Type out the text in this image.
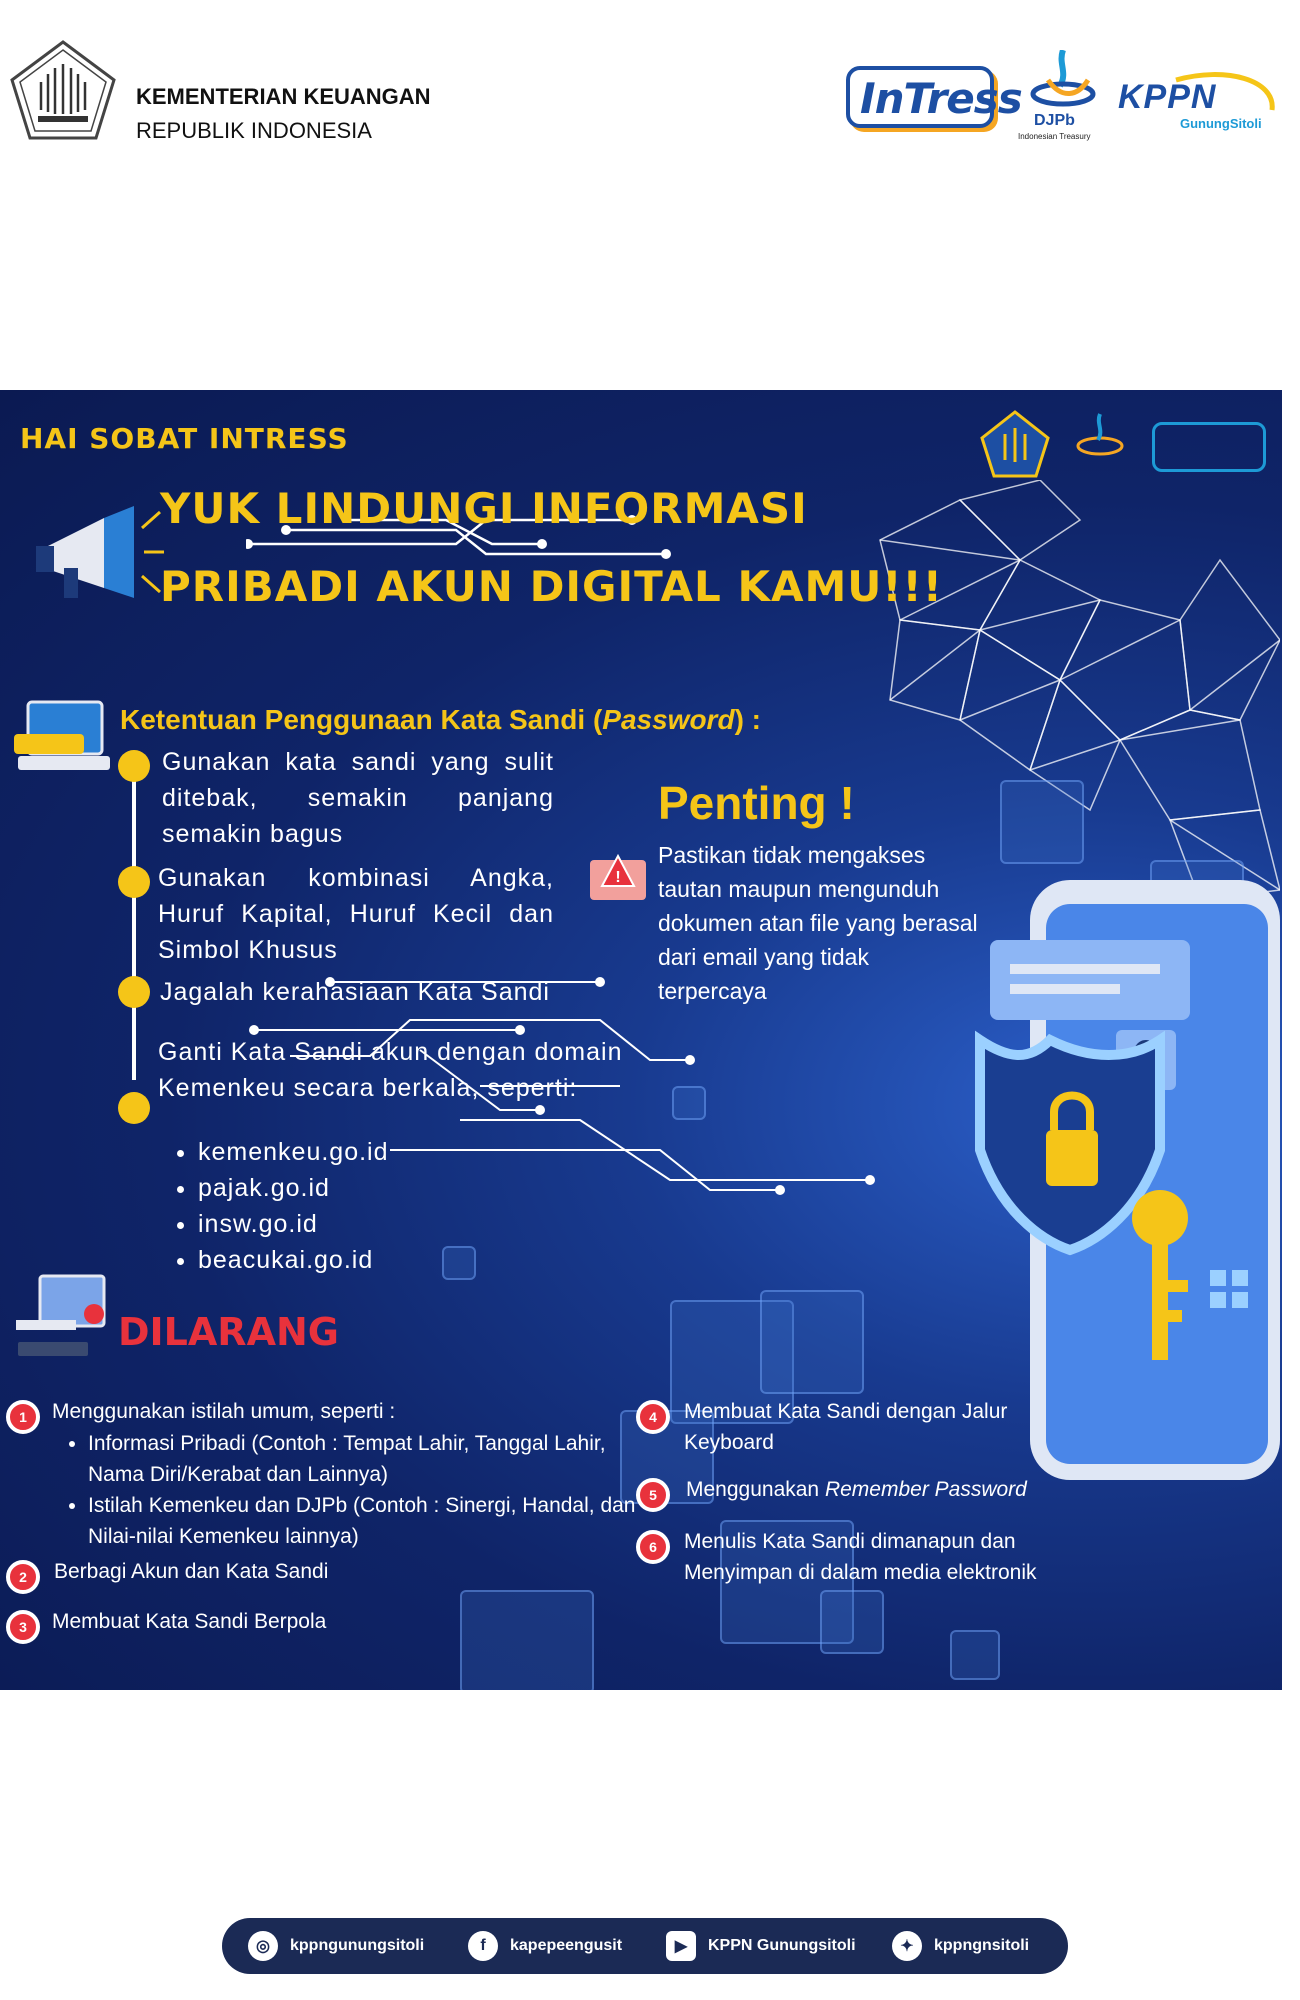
KEMENTERIAN KEUANGAN
REPUBLIK INDONESIA
InTress DJPb
Indonesian Treasury
KPPN
GunungSitoli
HAI SOBAT INTRESS
YUK LINDUNGI INFORMASI
PRIBADI AKUN DIGITAL KAMU!!!
Ketentuan Penggunaan Kata Sandi (Password) :
Gunakan kata sandi yang sulit ditebak, semakin panjang semakin bagus
Gunakan kombinasi Angka, Huruf Kapital, Huruf Kecil dan Simbol Khusus
Jagalah kerahasiaan Kata Sandi
Ganti Kata Sandi akun dengan domain Kemenkeu secara berkala, seperti:
• kemenkeu.go.id
• pajak.go.id
• insw.go.id
• beacukai.go.id
Penting !
!
Pastikan tidak mengakses tautan maupun mengunduh dokumen atan file yang berasal dari email yang tidak terpercaya
DILARANG
1	Menggunakan istilah umum, seperti :
• Informasi Pribadi (Contoh : Tempat Lahir, Tanggal Lahir, Nama Diri/Kerabat dan Lainnya)
• Istilah Kemenkeu dan DJPb (Contoh : Sinergi, Handal, dan Nilai-nilai Kemenkeu lainnya)
2	Berbagi Akun dan Kata Sandi
3	Membuat Kata Sandi Berpola
4	Membuat Kata Sandi dengan Jalur Keyboard
5	Menggunakan Remember Password
6	Menulis Kata Sandi dimanapun dan Menyimpan di dalam media elektronik
◎	kppngunungsitoli	f	kapepeengusit	▶	KPPN Gunungsitoli	✦	kppngnsitoli
